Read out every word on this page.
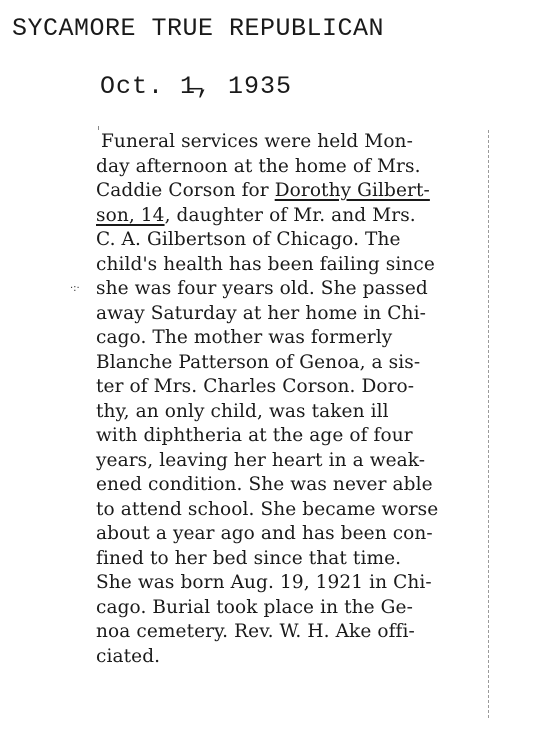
SYCAMORE TRUE REPUBLICAN
Oct. 1̶̶, 1935
·:·
Funeral services were held Mon-
day afternoon at the home of Mrs.
Caddie Corson for Dorothy Gilbert-
son, 14, daughter of Mr. and Mrs.
C. A. Gilbertson of Chicago. The
child's health has been failing since
she was four years old. She passed
away Saturday at her home in Chi-
cago. The mother was formerly
Blanche Patterson of Genoa, a sis-
ter of Mrs. Charles Corson. Doro-
thy, an only child, was taken ill
with diphtheria at the age of four
years, leaving her heart in a weak-
ened condition. She was never able
to attend school. She became worse
about a year ago and has been con-
fined to her bed since that time.
She was born Aug. 19, 1921 in Chi-
cago. Burial took place in the Ge-
noa cemetery. Rev. W. H. Ake offi-
ciated.
